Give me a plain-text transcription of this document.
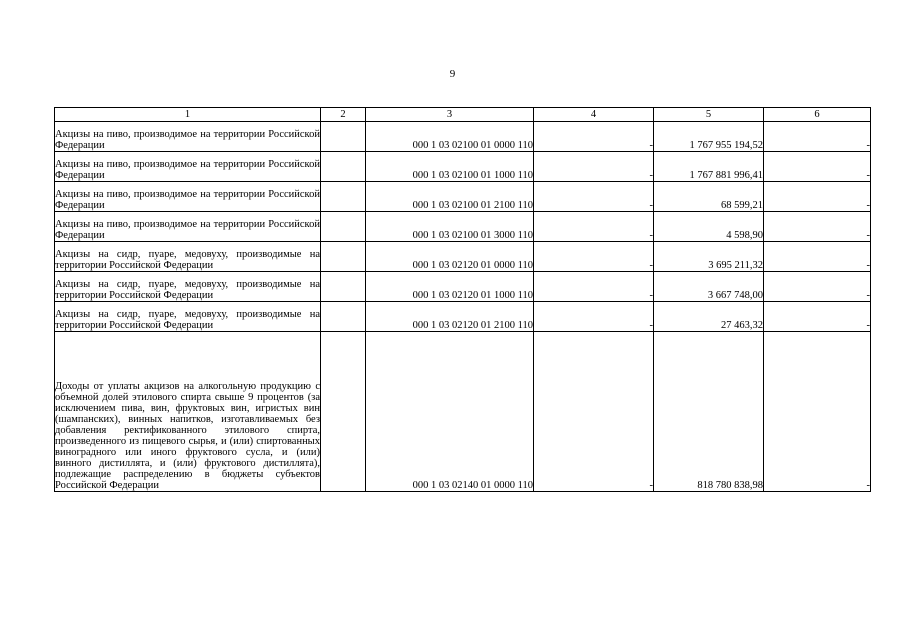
9
1	2	3	4	5	6
Акцизы на пиво, производимое на территории Российской Федерации		000 1 03 02100 01 0000 110	-	1 767 955 194,52	-
Акцизы на пиво, производимое на территории Российской Федерации		000 1 03 02100 01 1000 110	-	1 767 881 996,41	-
Акцизы на пиво, производимое на территории Российской Федерации		000 1 03 02100 01 2100 110	-	68 599,21	-
Акцизы на пиво, производимое на территории Российской Федерации		000 1 03 02100 01 3000 110	-	4 598,90	-
Акцизы на сидр, пуаре, медовуху, производимые на территории Российской Федерации		000 1 03 02120 01 0000 110	-	3 695 211,32	-
Акцизы на сидр, пуаре, медовуху, производимые на территории Российской Федерации		000 1 03 02120 01 1000 110	-	3 667 748,00	-
Акцизы на сидр, пуаре, медовуху, производимые на территории Российской Федерации		000 1 03 02120 01 2100 110	-	27 463,32	-
Доходы от уплаты акцизов на алкогольную продукцию с объемной долей этилового спирта свыше 9 процентов (за исключением пива, вин, фруктовых вин, игристых вин (шампанских), винных напитков, изготавливаемых без добавления ректификованного этилового спирта, произведенного из пищевого сырья, и (или) спиртованных виноградного или иного фруктового сусла, и (или) винного дистиллята, и (или) фруктового дистиллята), подлежащие распределению в бюджеты субъектов Российской Федерации		000 1 03 02140 01 0000 110	-	818 780 838,98	-
